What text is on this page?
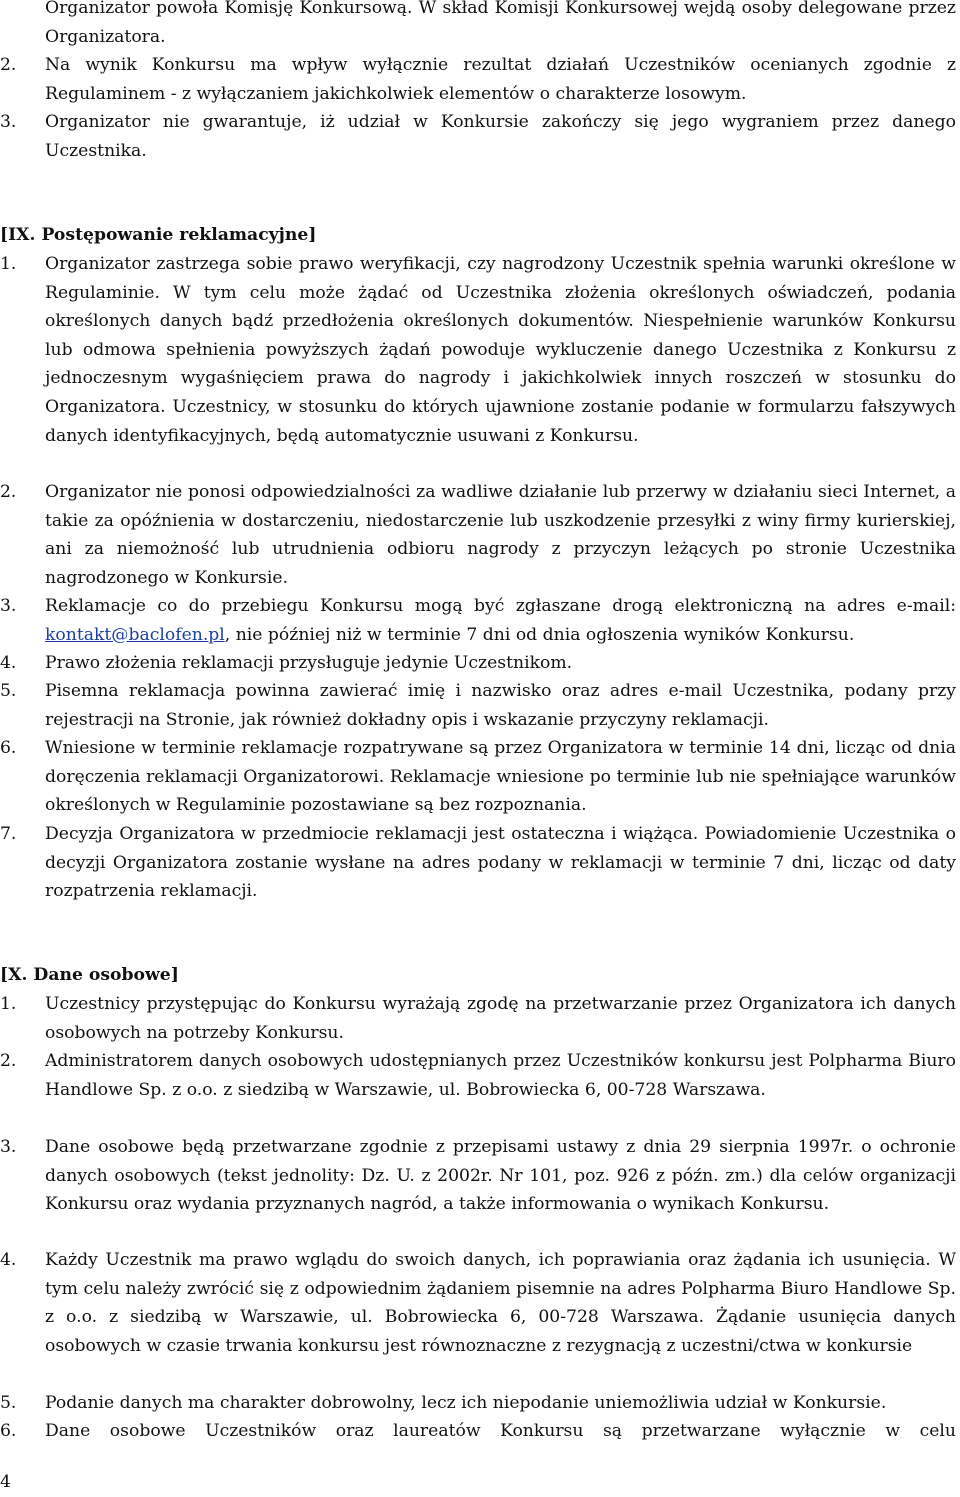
Organizator powoła Komisję Konkursową. W skład Komisji Konkursowej wejdą osoby delegowane przez Organizatora.
2.	Na wynik Konkursu ma wpływ wyłącznie rezultat działań Uczestników ocenianych zgodnie z Regulaminem - z wyłączaniem jakichkolwiek elementów o charakterze losowym.
3.	Organizator nie gwarantuje, iż udział w Konkursie zakończy się jego wygraniem przez danego Uczestnika.
[IX. Postępowanie reklamacyjne]
1.	Organizator zastrzega sobie prawo weryfikacji, czy nagrodzony Uczestnik spełnia warunki określone w Regulaminie. W tym celu może żądać od Uczestnika złożenia określonych oświadczeń, podania określonych danych bądź przedłożenia określonych dokumentów. Niespełnienie warunków Konkursu lub odmowa spełnienia powyższych żądań powoduje wykluczenie danego Uczestnika z Konkursu z jednoczesnym wygaśnięciem prawa do nagrody i jakichkolwiek innych roszczeń w stosunku do Organizatora. Uczestnicy, w stosunku do których ujawnione zostanie podanie w formularzu fałszywych danych identyfikacyjnych, będą automatycznie usuwani z Konkursu.
2.	Organizator nie ponosi odpowiedzialności za wadliwe działanie lub przerwy w działaniu sieci Internet, a takie za opóźnienia w dostarczeniu, niedostarczenie lub uszkodzenie przesyłki z winy firmy kurierskiej, ani za niemożność lub utrudnienia odbioru nagrody z przyczyn leżących po stronie Uczestnika nagrodzonego w Konkursie.
3.	Reklamacje co do przebiegu Konkursu mogą być zgłaszane drogą elektroniczną na adres e-mail: kontakt@baclofen.pl, nie później niż w terminie 7 dni od dnia ogłoszenia wyników Konkursu.
4.	Prawo złożenia reklamacji przysługuje jedynie Uczestnikom.
5.	Pisemna reklamacja powinna zawierać imię i nazwisko oraz adres e-mail Uczestnika, podany przy rejestracji na Stronie, jak również dokładny opis i wskazanie przyczyny reklamacji.
6.	Wniesione w terminie reklamacje rozpatrywane są przez Organizatora w terminie 14 dni, licząc od dnia doręczenia reklamacji Organizatorowi. Reklamacje wniesione po terminie lub nie spełniające warunków określonych w Regulaminie pozostawiane są bez rozpoznania.
7.	Decyzja Organizatora w przedmiocie reklamacji jest ostateczna i wiążąca. Powiadomienie Uczestnika o decyzji Organizatora zostanie wysłane na adres podany w reklamacji w terminie 7 dni, licząc od daty rozpatrzenia reklamacji.
[X. Dane osobowe]
1.	Uczestnicy przystępując do Konkursu wyrażają zgodę na przetwarzanie przez Organizatora ich danych osobowych na potrzeby Konkursu.
2.	Administratorem danych osobowych udostępnianych przez Uczestników konkursu jest Polpharma Biuro Handlowe Sp. z o.o. z siedzibą w Warszawie, ul. Bobrowiecka 6, 00-728 Warszawa.
3.	Dane osobowe będą przetwarzane zgodnie z przepisami ustawy z dnia 29 sierpnia 1997r. o ochronie danych osobowych (tekst jednolity: Dz. U. z 2002r. Nr 101, poz. 926 z późn. zm.) dla celów organizacji Konkursu oraz wydania przyznanych nagród, a także informowania o wynikach Konkursu.
4.	Każdy Uczestnik ma prawo wglądu do swoich danych, ich poprawiania oraz żądania ich usunięcia. W tym celu należy zwrócić się z odpowiednim żądaniem pisemnie na adres Polpharma Biuro Handlowe Sp. z o.o. z siedzibą w Warszawie, ul. Bobrowiecka 6, 00-728 Warszawa. Żądanie usunięcia danych osobowych w czasie trwania konkursu jest równoznaczne z rezygnacją z uczestni/ctwa w konkursie
5.	Podanie danych ma charakter dobrowolny, lecz ich niepodanie uniemożliwia udział w Konkursie.
6.	Dane osobowe Uczestników oraz laureatów Konkursu są przetwarzane wyłącznie w celu
4
